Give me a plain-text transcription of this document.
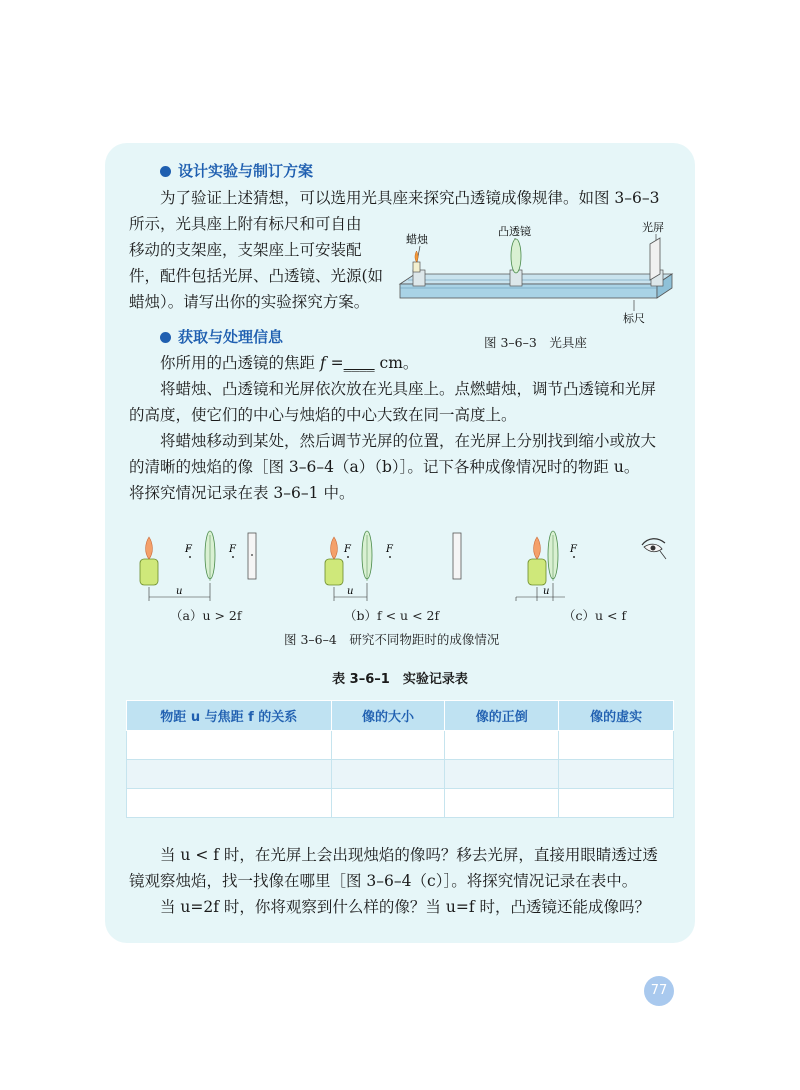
设计实验与制订方案
为了验证上述猜想，可以选用光具座来探究凸透镜成像规律。如图 3–6–3
所示，光具座上附有标尺和可自由
移动的支架座，支架座上可安装配
件，配件包括光屏、凸透镜、光源(如
蜡烛）。请写出你的实验探究方案。
蜡烛
凸透镜	光屏
标尺
图 3–6–3　光具座
获取与处理信息
你所用的凸透镜的焦距 f =____ cm。
将蜡烛、凸透镜和光屏依次放在光具座上。点燃蜡烛，调节凸透镜和光屏
的高度，使它们的中心与烛焰的中心大致在同一高度上。
将蜡烛移动到某处，然后调节光屏的位置，在光屏上分别找到缩小或放大
的清晰的烛焰的像［图 3–6–4（a）（b）］。记下各种成像情况时的物距 u。
将探究情况记录在表 3–6–1 中。
F	F
u
F	F
u
F
u
（a）u > 2f	（b）f < u < 2f	（c）u < f
图 3–6–4　研究不同物距时的成像情况
表 3–6–1　实验记录表
物距 u 与焦距 f 的关系	像的大小	像的正倒	像的虚实

当 u < f 时，在光屏上会出现烛焰的像吗？移去光屏，直接用眼睛透过透
镜观察烛焰，找一找像在哪里［图 3–6–4（c）］。将探究情况记录在表中。
当 u=2f 时，你将观察到什么样的像？当 u=f 时，凸透镜还能成像吗？
77
